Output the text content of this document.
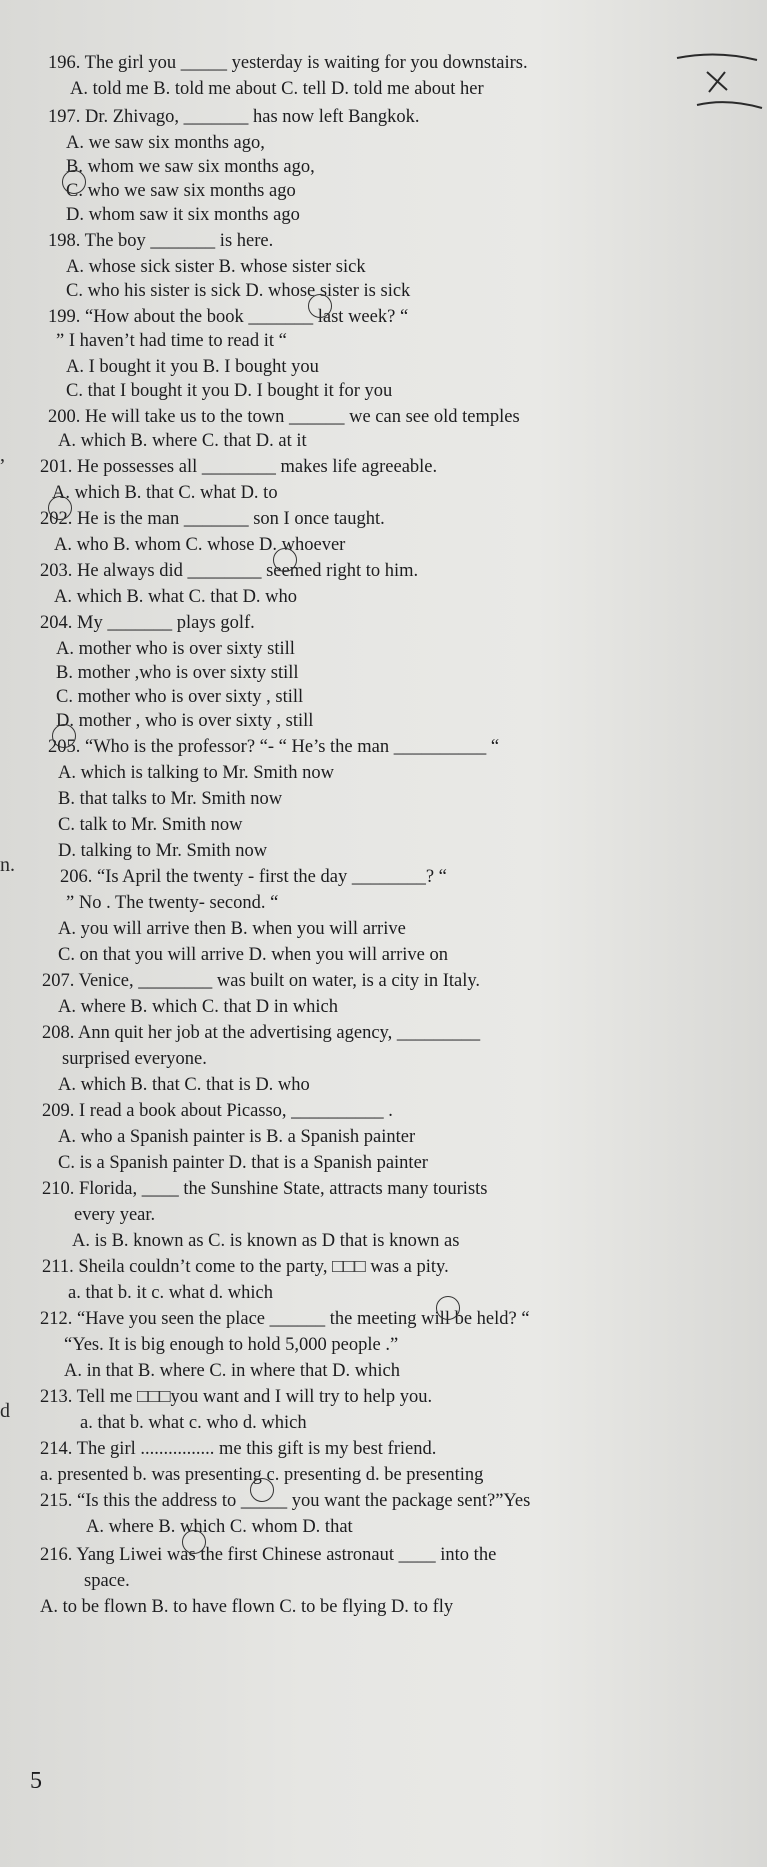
196. The girl you _____ yesterday is waiting for you downstairs.
A. told me B. told me about C. tell D. told me about her
197. Dr. Zhivago, _______ has now left Bangkok.
A. we saw six months ago,
B. whom we saw six months ago,
C. who we saw six months ago
D. whom saw it six months ago
198. The boy _______ is here.
A. whose sick sister B. whose sister sick
C. who his sister is sick D. whose sister is sick
199. “How about the book _______ last week? “
” I haven’t had time to read it “
A. I bought it you B. I bought you
C. that I bought it you D. I bought it for you
200. He will take us to the town ______ we can see old temples
A. which B. where C. that D. at it
201. He possesses all ________ makes life agreeable.
A. which B. that C. what D. to
202. He is the man _______ son I once taught.
A. who B. whom C. whose D. whoever
203. He always did ________ seemed right to him.
A. which B. what C. that D. who
204. My _______ plays golf.
A. mother who is over sixty still
B. mother ,who is over sixty still
C. mother who is over sixty , still
D. mother , who is over sixty , still
205. “Who is the professor? “- “ He’s the man __________ “
A. which is talking to Mr. Smith now
B. that talks to Mr. Smith now
C. talk to Mr. Smith now
D. talking to Mr. Smith now
206. “Is April the twenty - first the day ________? “
” No . The twenty- second. “
A. you will arrive then B. when you will arrive
C. on that you will arrive D. when you will arrive on
207. Venice, ________ was built on water, is a city in Italy.
A. where B. which C. that D in which
208. Ann quit her job at the advertising agency, _________
surprised everyone.
A. which B. that C. that is D. who
209. I read a book about Picasso, __________ .
A. who a Spanish painter is B. a Spanish painter
C. is a Spanish painter D. that is a Spanish painter
210. Florida, ____ the Sunshine State, attracts many tourists
every year.
A. is B. known as C. is known as D that is known as
211. Sheila couldn’t come to the party, □□□ was a pity.
a. that b. it c. what d. which
212. “Have you seen the place ______ the meeting will be held? “
“Yes. It is big enough to hold 5,000 people .”
A. in that B. where C. in where that D. which
213. Tell me □□□you want and I will try to help you.
a. that b. what c. who d. which
214. The girl ................ me this gift is my best friend.
a. presented b. was presenting c. presenting d. be presenting
215. “Is this the address to _____ you want the package sent?”Yes
A. where B. which C. whom D. that
216. Yang Liwei was the first Chinese astronaut ____ into the
space.
A. to be flown B. to have flown C. to be flying D. to fly
,
n.
d
5
